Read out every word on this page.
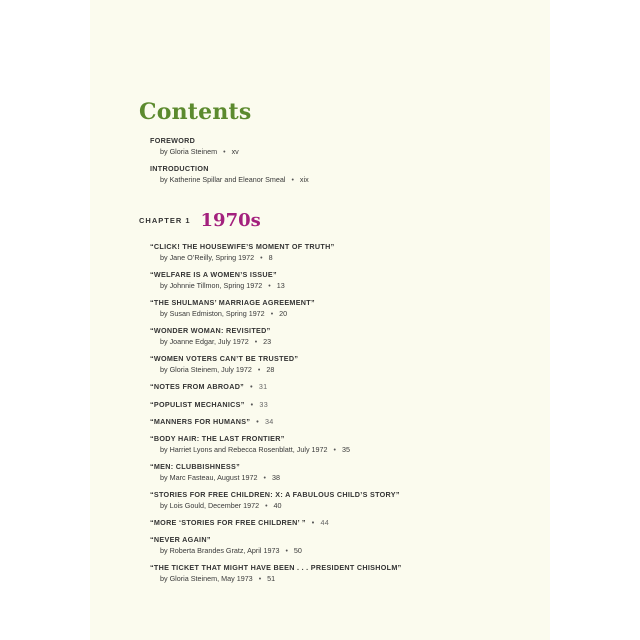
Contents
FOREWORD
by Gloria Steinem • xv
INTRODUCTION
by Katherine Spillar and Eleanor Smeal • xix
CHAPTER 1 1970s
“CLICK! THE HOUSEWIFE’S MOMENT OF TRUTH”
by Jane O’Reilly, Spring 1972 • 8
“WELFARE IS A WOMEN’S ISSUE”
by Johnnie Tillmon, Spring 1972 • 13
“THE SHULMANS’ MARRIAGE AGREEMENT”
by Susan Edmiston, Spring 1972 • 20
“WONDER WOMAN: REVISITED”
by Joanne Edgar, July 1972 • 23
“WOMEN VOTERS CAN’T BE TRUSTED”
by Gloria Steinem, July 1972 • 28
“NOTES FROM ABROAD” • 31
“POPULIST MECHANICS” • 33
“MANNERS FOR HUMANS” • 34
“BODY HAIR: THE LAST FRONTIER”
by Harriet Lyons and Rebecca Rosenblatt, July 1972 • 35
“MEN: CLUBBISHNESS”
by Marc Fasteau, August 1972 • 38
“STORIES FOR FREE CHILDREN: X: A FABULOUS CHILD’S STORY”
by Lois Gould, December 1972 • 40
“MORE ‘STORIES FOR FREE CHILDREN’ ” • 44
“NEVER AGAIN”
by Roberta Brandes Gratz, April 1973 • 50
“THE TICKET THAT MIGHT HAVE BEEN . . . PRESIDENT CHISHOLM”
by Gloria Steinem, May 1973 • 51
